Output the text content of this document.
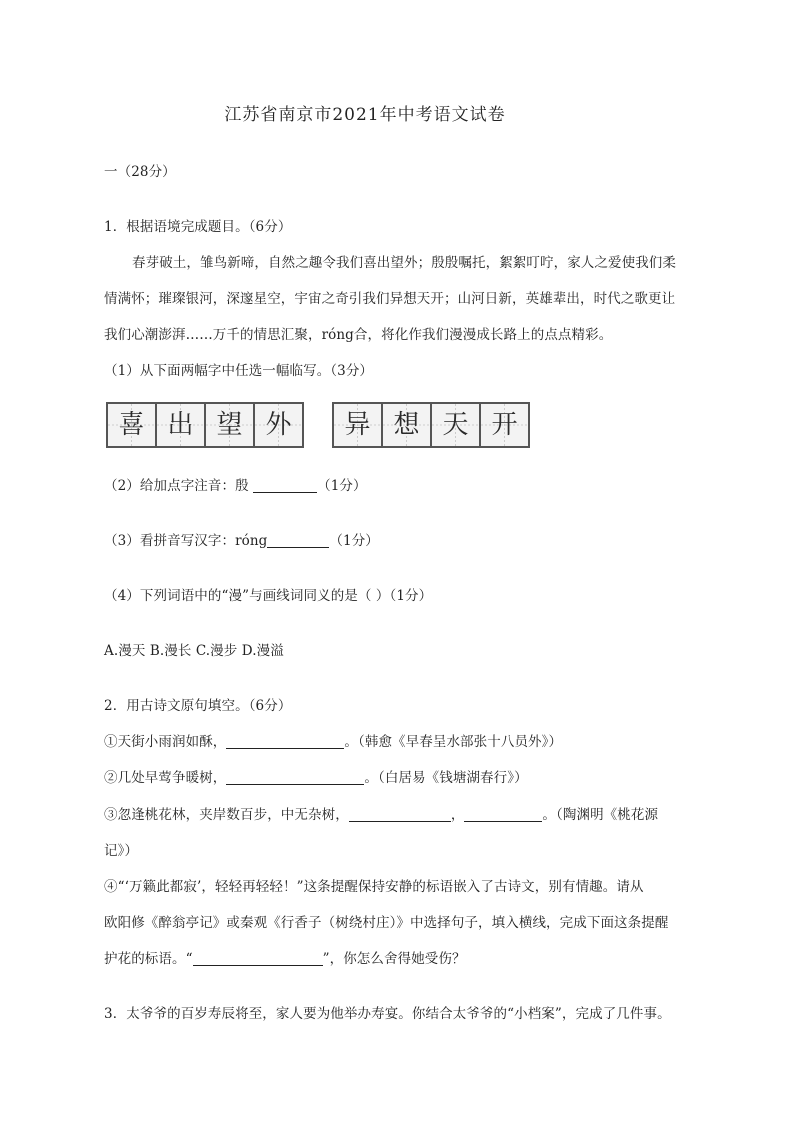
江苏省南京市2021年中考语文试卷
一（28分）
1．根据语境完成题目。（6分）
春芽破土，雏鸟新啼，自然之趣令我们喜出望外；殷殷嘱托，絮絮叮咛，家人之爱使我们柔
情满怀；璀璨银河，深邃星空，宇宙之奇引我们异想天开；山河日新，英雄辈出，时代之歌更让
我们心潮澎湃……万千的情思汇聚，róng合，将化作我们漫漫成长路上的点点精彩。
（1）从下面两幅字中任选一幅临写。（3分）
喜 出 望 外	异 想 天 开
（2）给加点字注音：殷	（1分）
（3）看拼音写汉字：róng	（1分）
（4）下列词语中的“漫”与画线词同义的是（ ）（1分）
A.漫天 B.漫长 C.漫步 D.漫溢
2．用古诗文原句填空。（6分）
①天街小雨润如酥，	。（韩愈《早春呈水部张十八员外》）
②几处早莺争暖树，	。（白居易《钱塘湖春行》）
③忽逢桃花林，夹岸数百步，中无杂树，	，	。（陶渊明《桃花源
记》）
④“‘万籁此都寂’，轻轻再轻轻！”这条提醒保持安静的标语嵌入了古诗文，别有情趣。请从
欧阳修《醉翁亭记》或秦观《行香子（树绕村庄）》中选择句子，填入横线，完成下面这条提醒
护花的标语。“	”，你怎么舍得她受伤？
3．太爷爷的百岁寿辰将至，家人要为他举办寿宴。你结合太爷爷的“小档案”，完成了几件事。
